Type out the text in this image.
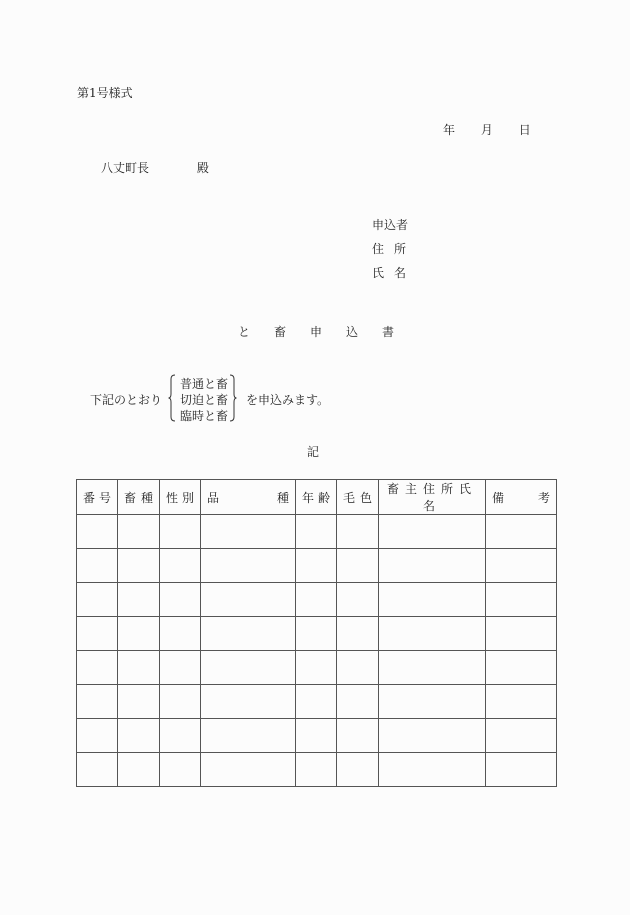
第1号様式
年 月 日
八丈町長	殿
申込者
住所
氏名
と 畜 申 込 書
下記のとおり
普通と畜
切迫と畜
臨時と畜
を申込みます。
記
番 号	畜 種	性 別	品 種	年 齢	毛 色	畜主住所氏名	備 考
